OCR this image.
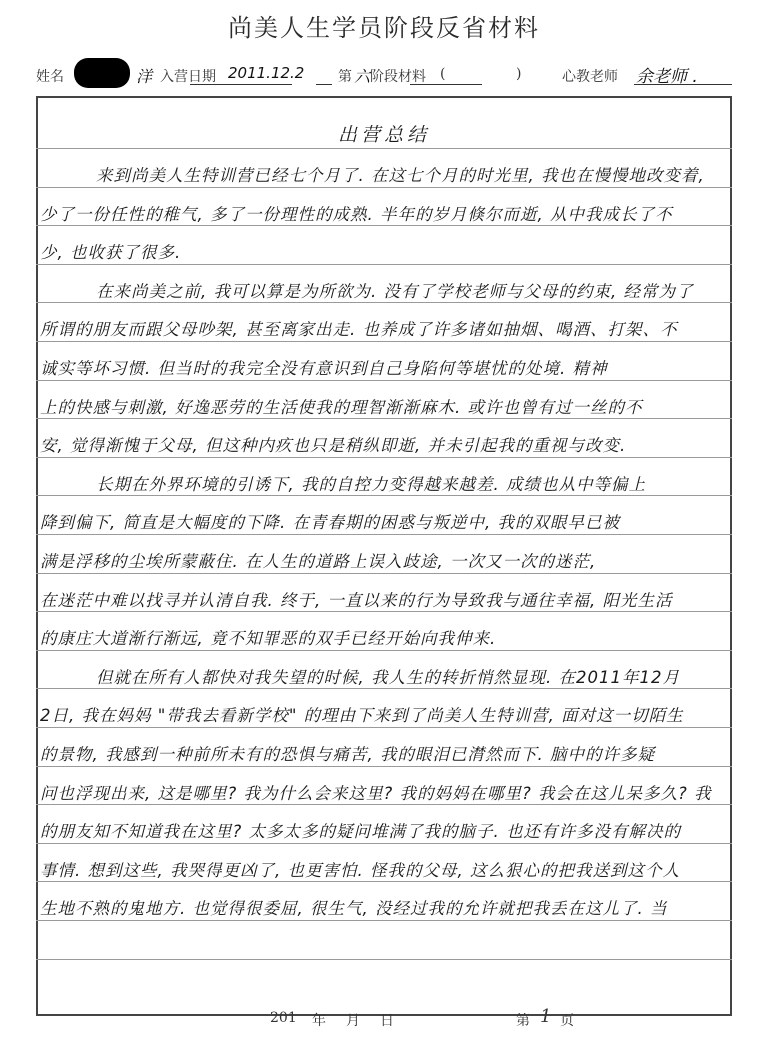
尚美人生学员阶段反省材料
姓名	洋 入营日期 2011.12.2 第 六 阶段材料 (	)	心教老师 余老师 .
出营总结
来到尚美人生特训营已经七个月了. 在这七个月的时光里, 我也在慢慢地改变着,
少了一份任性的稚气, 多了一份理性的成熟. 半年的岁月倏尔而逝, 从中我成长了不
少, 也收获了很多.
在来尚美之前, 我可以算是为所欲为. 没有了学校老师与父母的约束, 经常为了
所谓的朋友而跟父母吵架, 甚至离家出走. 也养成了许多诸如抽烟、喝酒、打架、不
诚实等坏习惯. 但当时的我完全没有意识到自己身陷何等堪忧的处境. 精神
上的快感与刺激, 好逸恶劳的生活使我的理智渐渐麻木. 或许也曾有过一丝的不
安, 觉得渐愧于父母, 但这种内疚也只是稍纵即逝, 并未引起我的重视与改变.
长期在外界环境的引诱下, 我的自控力变得越来越差. 成绩也从中等偏上
降到偏下, 简直是大幅度的下降. 在青春期的困惑与叛逆中, 我的双眼早已被
满是浮移的尘埃所蒙蔽住. 在人生的道路上误入歧途, 一次又一次的迷茫,
在迷茫中难以找寻并认清自我. 终于, 一直以来的行为导致我与通往幸福, 阳光生活
的康庄大道渐行渐远, 竟不知罪恶的双手已经开始向我伸来.
但就在所有人都快对我失望的时候, 我人生的转折悄然显现. 在2011年12月
2日, 我在妈妈 "带我去看新学校" 的理由下来到了尚美人生特训营, 面对这一切陌生
的景物, 我感到一种前所未有的恐惧与痛苦, 我的眼泪已潸然而下. 脑中的许多疑
问也浮现出来, 这是哪里? 我为什么会来这里? 我的妈妈在哪里? 我会在这儿呆多久? 我
的朋友知不知道我在这里? 太多太多的疑问堆满了我的脑子. 也还有许多没有解决的
事情. 想到这些, 我哭得更凶了, 也更害怕. 怪我的父母, 这么狠心的把我送到这个人
生地不熟的鬼地方. 也觉得很委屈, 很生气, 没经过我的允许就把我丢在这儿了. 当
201 年 月 日	第 1 页
